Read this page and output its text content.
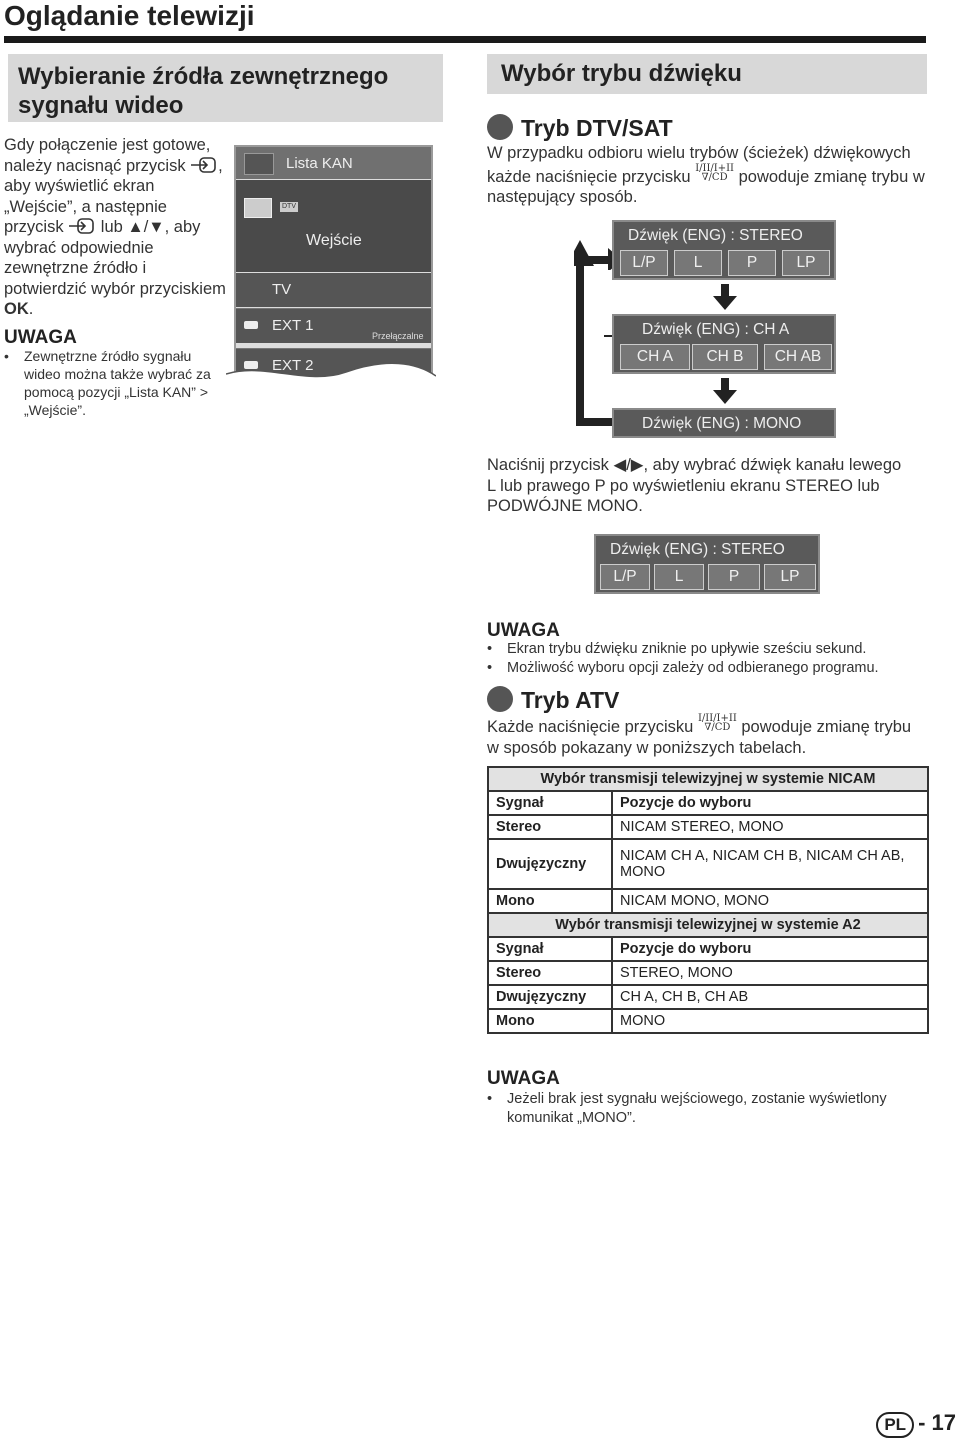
Oglądanie telewizji
Wybieranie źródła zewnętrznego sygnału wideo
Gdy połączenie jest gotowe, należy nacisnąć przycisk , aby wyświetlić ekran „Wejście”, a następnie przycisk lub ▲/▼, aby wybrać odpowiednie zewnętrzne źródło i potwierdzić wybór przyciskiem OK.
UWAGA
• Zewnętrzne źródło sygnału wideo można także wybrać za pomocą pozycji „Lista KAN” > „Wejście”.
Lista KAN
DTV
Wejście
TV
EXT 1
EXT 2
Przełączalne
Wybór trybu dźwięku
Tryb DTV/SAT
W przypadku odbioru wielu trybów (ścieżek) dźwiękowych każde naciśnięcie przycisku I/II/I+II
∇/CD powoduje zmianę trybu w następujący sposób.
Dźwięk (ENG) : STEREO
L/P	L	P	LP
Dźwięk (ENG) : CH A
CH A	CH B	CH AB
Dźwięk (ENG) : MONO
Naciśnij przycisk ◀/▶, aby wybrać dźwięk kanału lewego L lub prawego P po wyświetleniu ekranu STEREO lub PODWÓJNE MONO.
Dźwięk (ENG) : STEREO
L/P	L	P	LP
UWAGA
• Ekran trybu dźwięku zniknie po upływie sześciu sekund.
• Możliwość wyboru opcji zależy od odbieranego programu.
Tryb ATV
Każde naciśnięcie przycisku I/II/I+II
∇/CD powoduje zmianę trybu w sposób pokazany w poniższych tabelach.
Wybór transmisji telewizyjnej w systemie NICAM	
Sygnał	Pozycje do wyboru
Stereo	NICAM STEREO, MONO
Dwujęzyczny	NICAM CH A, NICAM CH B, NICAM CH AB, MONO
Mono	NICAM MONO, MONO
Wybór transmisji telewizyjnej w systemie A2	
Sygnał	Pozycje do wyboru
Stereo	STEREO, MONO
Dwujęzyczny	CH A, CH B, CH AB
Mono	MONO
UWAGA
• Jeżeli brak jest sygnału wejściowego, zostanie wyświetlony komunikat „MONO”.
PL - 17
